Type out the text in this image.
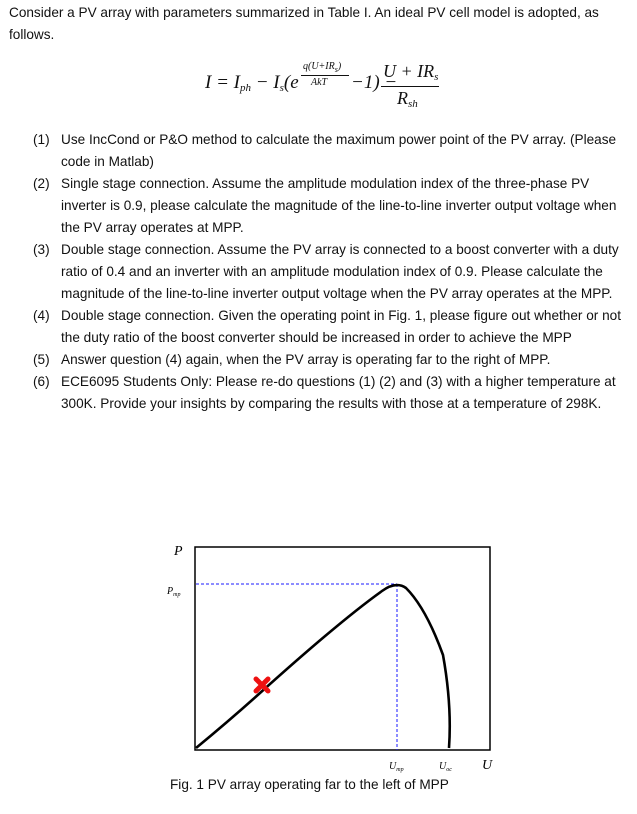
Consider a PV array with parameters summarized in Table I. An ideal PV cell model is adopted, as follows.
$I = I_{ph} - I_s(e$
$q(U+IR_s)$
AkT −1) −
$U + IR_s$
$R_{sh}$
(1) Use IncCond or P&O method to calculate the maximum power point of the PV array. (Please code in Matlab)
(2) Single stage connection. Assume the amplitude modulation index of the three-phase PV inverter is 0.9, please calculate the magnitude of the line-to-line inverter output voltage when the PV array operates at MPP.
(3) Double stage connection. Assume the PV array is connected to a boost converter with a duty ratio of 0.4 and an inverter with an amplitude modulation index of 0.9. Please calculate the magnitude of the line-to-line inverter output voltage when the PV array operates at the MPP.
(4) Double stage connection. Given the operating point in Fig. 1, please figure out whether or not the duty ratio of the boost converter should be increased in order to achieve the MPP
(5) Answer question (4) again, when the PV array is operating far to the right of MPP.
(6) ECE6095 Students Only: Please re-do questions (1) (2) and (3) with a higher temperature at 300K. Provide your insights by comparing the results with those at a temperature of 298K.
P
$P_{mp}$
$U_{mp}$	$U_{oc}$ U
Fig. 1 PV array operating far to the left of MPP
